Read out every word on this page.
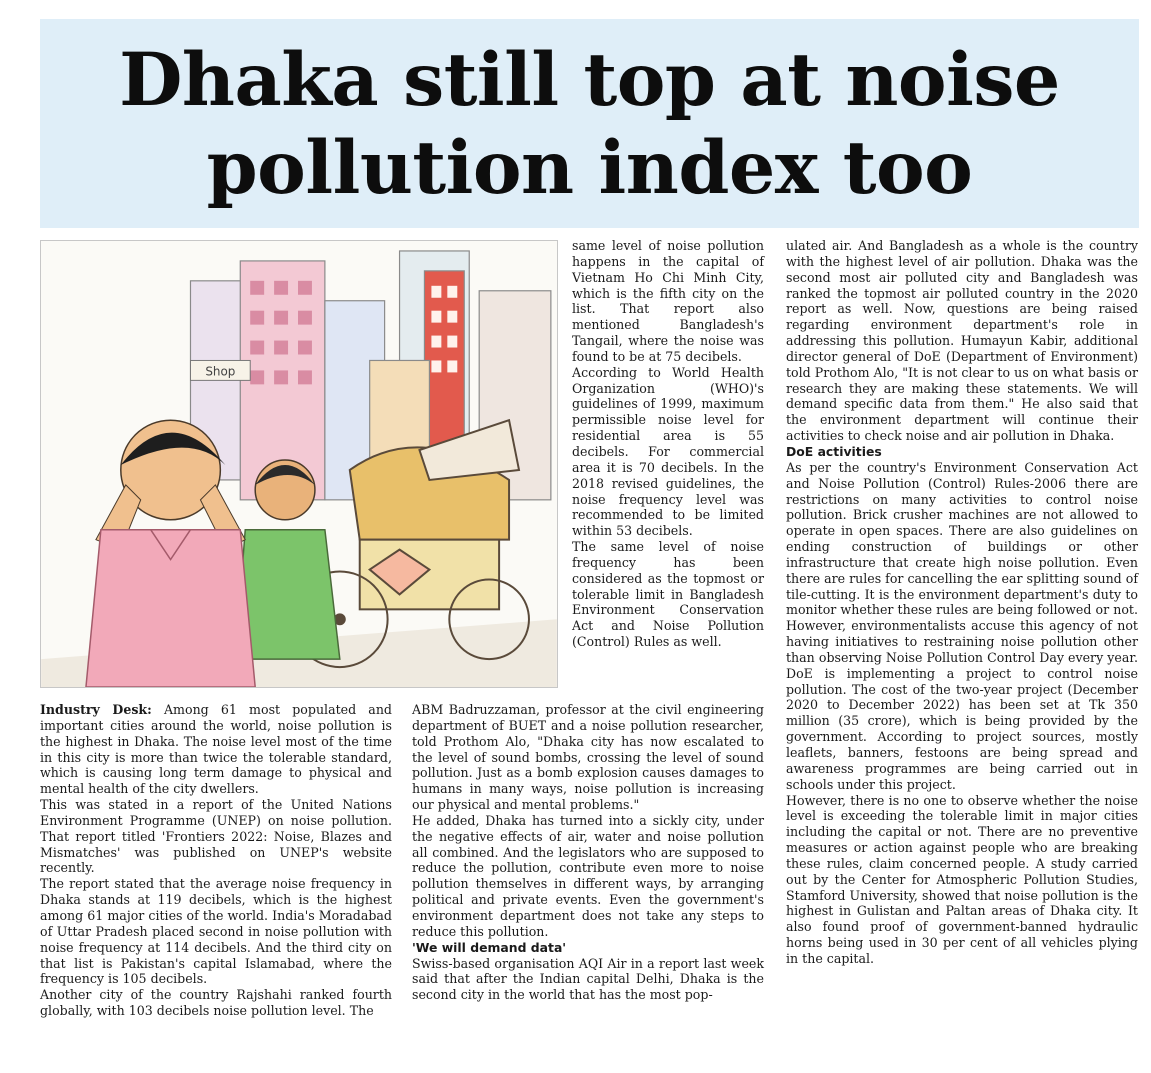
Dhaka still top at noise
pollution index too
Shop

Industry Desk: Among 61 most populated and important cities around the world, noise pollution is the highest in Dhaka. The noise level most of the time in this city is more than twice the tolerable standard, which is causing long term damage to physical and mental health of the city dwellers.

This was stated in a report of the United Nations Environment Programme (UNEP) on noise pollution. That report titled 'Frontiers 2022: Noise, Blazes and Mismatches' was published on UNEP's website recently.

The report stated that the average noise frequency in Dhaka stands at 119 decibels, which is the highest among 61 major cities of the world. India's Moradabad of Uttar Pradesh placed second in noise pollution with noise frequency at 114 decibels. And the third city on that list is Pakistan's capital Islamabad, where the frequency is 105 decibels.

Another city of the country Rajshahi ranked fourth globally, with 103 decibels noise pollution level. The

same level of noise pollution happens in the capital of Vietnam Ho Chi Minh City, which is the fifth city on the list. That report also mentioned Bangladesh's Tangail, where the noise was found to be at 75 decibels.

According to World Health Organization (WHO)'s guidelines of 1999, maximum permissible noise level for residential area is 55 decibels. For commercial area it is 70 decibels. In the 2018 revised guidelines, the noise frequency level was recommended to be limited within 53 decibels.

The same level of noise frequency has been considered as the topmost or tolerable limit in Bangladesh Environment Conservation Act and Noise Pollution (Control) Rules as well.

ABM Badruzzaman, professor at the civil engineering department of BUET and a noise pollution researcher, told Prothom Alo, "Dhaka city has now escalated to the level of sound bombs, crossing the level of sound pollution. Just as a bomb explosion causes damages to humans in many ways, noise pollution is increasing our physical and mental problems."

He added, Dhaka has turned into a sickly city, under the negative effects of air, water and noise pollution all combined. And the legislators who are supposed to reduce the pollution, contribute even more to noise pollution themselves in different ways, by arranging political and private events. Even the government's environment department does not take any steps to reduce this pollution.

'We will demand data'

Swiss-based organisation AQI Air in a report last week said that after the Indian capital Delhi, Dhaka is the second city in the world that has the most pop-

ulated air. And Bangladesh as a whole is the country with the highest level of air pollution. Dhaka was the second most air polluted city and Bangladesh was ranked the topmost air polluted country in the 2020 report as well. Now, questions are being raised regarding environment department's role in addressing this pollution. Humayun Kabir, additional director general of DoE (Department of Environment) told Prothom Alo, "It is not clear to us on what basis or research they are making these statements. We will demand specific data from them." He also said that the environment department will continue their activities to check noise and air pollution in Dhaka.

DoE activities

As per the country's Environment Conservation Act and Noise Pollution (Control) Rules-2006 there are restrictions on many activities to control noise pollution. Brick crusher machines are not allowed to operate in open spaces. There are also guidelines on ending construction of buildings or other infrastructure that create high noise pollution. Even there are rules for cancelling the ear splitting sound of tile-cutting. It is the environment department's duty to monitor whether these rules are being followed or not. However, environmentalists accuse this agency of not having initiatives to restraining noise pollution other than observing Noise Pollution Control Day every year. DoE is implementing a project to control noise pollution. The cost of the two-year project (December 2020 to December 2022) has been set at Tk 350 million (35 crore), which is being provided by the government. According to project sources, mostly leaflets, banners, festoons are being spread and awareness programmes are being carried out in schools under this project.

However, there is no one to observe whether the noise level is exceeding the tolerable limit in major cities including the capital or not. There are no preventive measures or action against people who are breaking these rules, claim concerned people. A study carried out by the Center for Atmospheric Pollution Studies, Stamford University, showed that noise pollution is the highest in Gulistan and Paltan areas of Dhaka city. It also found proof of government-banned hydraulic horns being used in 30 per cent of all vehicles plying in the capital.
